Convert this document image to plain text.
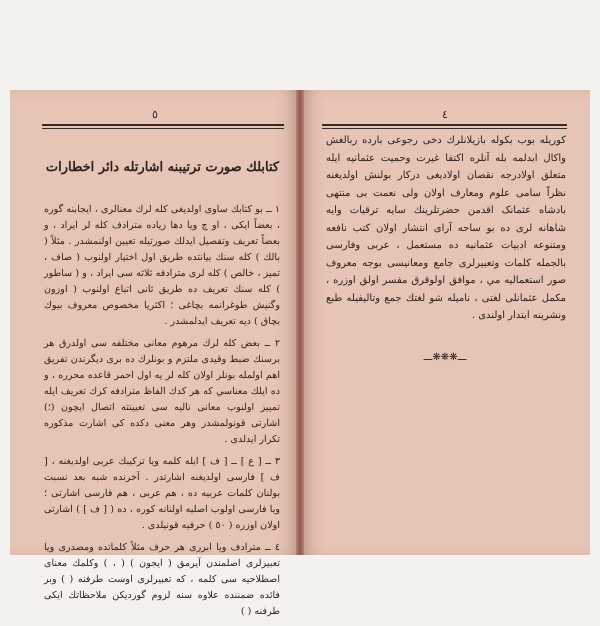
٥
کتابلك صورت ترتيبنه اشارتله دائر اخطارات

١ ــ بو کتابك ساوی اولديغی کله لرك معنالری ، ايجابنه گوره ، بعضاً ايکی ، او چ ويا دها زياده مترادف کله لر ايراد ، و بعضاً تعريف وتفصيل ايدلك صورتيله تعيين اولنمشدر . مثلاً ( بالك ) کله سنك بيانتده طريق اول اختيار اولنوب ( صاف ، تميز ، خالص ) کله لری مترادفه ثلاثه سی ايراد ، و ( ساطور ) کله سنك تعريف ده طريق ثانی اتباع اولنوب ( اوزون وگنيش طوغرانمه بچاغی ؛ اکثريا مخصوص معروف بيوك بچاق ) ديه تعريف ايدلمشدر .

٢ ــ بعض کله لرك مرهوم معانی مختلفه سی اولدرق هر برسنك ضبط وقيدی ملتزم و بونلرك ده برى ديگرندن تفريق اهم اولمله بونلر اولان کله لر يه اول احمر قاعده محرره ، و ده ايلك معناسي که هر کدك الفاظ مترادفه کرك تعريف ايله تمييز اولنوب معانی نالیه سی تعيينته اتصال ايچون (؛) اشارتی قونولمشدر وهر معنی دکده کی اشارت مذکوره تکرار ايدلدی .

٣ ــ [ ع ] ــ [ ف ] ايله کلمه ويا ترکيبك عربی اولديغنه ، [ ف ] فارسی اولديغنه اشارتدر . آخرنده شبه بعد نسبت بولنان کلمات عربيه ده ، هم عربی ، هم فارسی اشارتی ؛ ويا فارسی اولوب اصليه اولنانه کوره ، ده ( [ ف ] ) اشارتی اولان اوزره ( ٥٠ ) حرفيه قونيلدی .

٤ ــ مترادف ويا ابرری هر حرف مثلاً کلماتده ومصدری ویا تعبيرلری اصلمندن آيرمق ( ايجون ) ( ، ) وکلمك معنای اصطلاحيه سی کلمه ، که تعبيرلری اوست طرفنه ( ) وبر فائده ضمننده علاوه سنه لزوم گورديکن ملاحظاتك ايکی طرفنه ( )

٤
کوريله بوب بکوله بازيلانلرك دخی رجوعی بارده ربالغش واکال ابدلمه بله آنلره اکتفا غيرت وحميت عثمانيه ايله متعلق اولادرجه نقصان اولاديغی درکار بولنش اولديغنه نظراً سامی علوم ومعارف اولان ولی نعمت بی منتهی بادشاه عثمانک اقدمن حضرتلرينك سايه ترقيات وايه شاهانه لری ده بو ساحه آرای انتشار اولان کتب نافعه ومتنوعه ادبيات عثمانيه ده مستعمل ، عربی وفارسی بالجمله کلمات وتعبيرلری جامع ومعانيسی بوجه معروف صور استعماليه مي ، موافق اولوقرق مفسر اولق اوزره ، مکمل عثمانلی لغتی ، ناميله شو لغتك جمع وتاليفيله طبع ونشرينه ابتدار اولندی .
ـــ❋❋❋ـــ
